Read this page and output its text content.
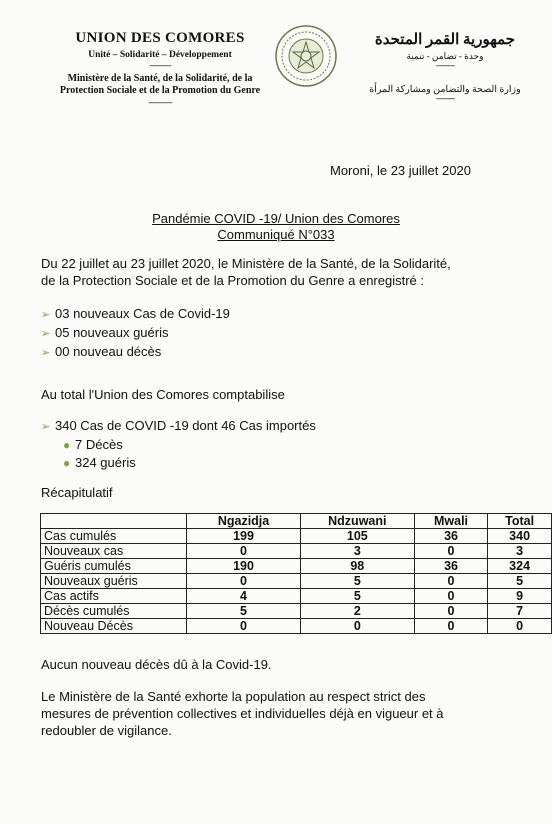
UNION DES COMORES
Unité – Solidarité – Développement
-------------
Ministère de la Santé, de la Solidarité, de la
Protection Sociale et de la Promotion du Genre
--------------
جمهورية القمر المتحدة
وحدة - تضامن - تنمية
-----------
وزارة الصحة والتضامن ومشاركة المرأة
-----------
Moroni, le 23 juillet 2020
Pandémie COVID -19/ Union des Comores
Communiqué N°033
Du 22 juillet au 23 juillet 2020, le Ministère de la Santé, de la Solidarité,
de la Protection Sociale et de la Promotion du Genre a enregistré :
➢ 03 nouveaux Cas de Covid-19
➢ 05 nouveaux guéris
➢ 00 nouveau décès
Au total l'Union des Comores comptabilise
➢ 340 Cas de COVID -19 dont 46 Cas importés
● 7 Décès
● 324 guéris
Récapitulatif
	Ngazidja	Ndzuwani	Mwali	Total
Cas cumulés	199	105	36	340
Nouveaux cas	0	3	0	3
Guéris cumulés	190	98	36	324
Nouveaux guéris	0	5	0	5
Cas actifs	4	5	0	9
Décès cumulés	5	2	0	7
Nouveau Décès	0	0	0	0
Aucun nouveau décès dû à la Covid-19.
Le Ministère de la Santé exhorte la population au respect strict des
mesures de prévention collectives et individuelles déjà en vigueur et à
redoubler de vigilance.
